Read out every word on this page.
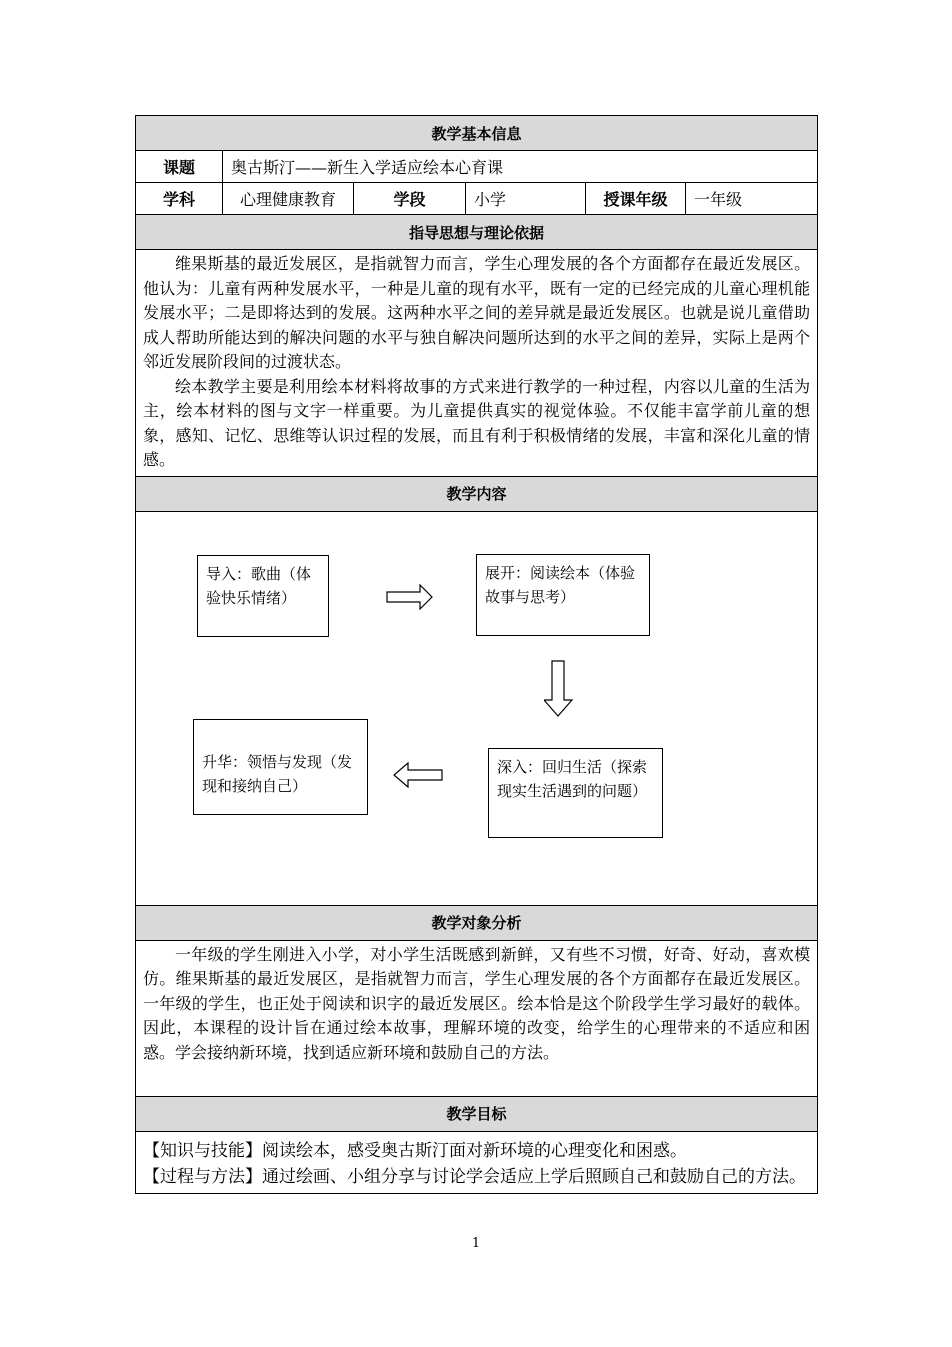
教学基本信息					
课题	奥古斯汀——新生入学适应绘本心育课				
学科	心理健康教育	学段	小学	授课年级	一年级
指导思想与理论依据					

维果斯基的最近发展区，是指就智力而言，学生心理发展的各个方面都存在最近发展区。他认为：儿童有两种发展水平，一种是儿童的现有水平，既有一定的已经完成的儿童心理机能发展水平；二是即将达到的发展。这两种水平之间的差异就是最近发展区。也就是说儿童借助成人帮助所能达到的解决问题的水平与独自解决问题所达到的水平之间的差异，实际上是两个邻近发展阶段间的过渡状态。

绘本教学主要是利用绘本材料将故事的方式来进行教学的一种过程，内容以儿童的生活为主，绘本材料的图与文字一样重要。为儿童提供真实的视觉体验。不仅能丰富学前儿童的想象，感知、记忆、思维等认识过程的发展，而且有利于积极情绪的发展，丰富和深化儿童的情感。					

教学内容					

导入：歌曲（体验快乐情绪）
展开：阅读绘本（体验故事与思考）
深入：回归生活（探索现实生活遇到的问题）
升华：领悟与发现（发现和接纳自己）					

教学对象分析					

一年级的学生刚进入小学，对小学生活既感到新鲜，又有些不习惯，好奇、好动，喜欢模仿。维果斯基的最近发展区，是指就智力而言，学生心理发展的各个方面都存在最近发展区。一年级的学生，也正处于阅读和识字的最近发展区。绘本恰是这个阶段学生学习最好的载体。因此，本课程的设计旨在通过绘本故事，理解环境的改变，给学生的心理带来的不适应和困惑。学会接纳新环境，找到适应新环境和鼓励自己的方法。					

教学目标					

【知识与技能】阅读绘本，感受奥古斯汀面对新环境的心理变化和困惑。

【过程与方法】通过绘画、小组分享与讨论学会适应上学后照顾自己和鼓励自己的方法。					

1
